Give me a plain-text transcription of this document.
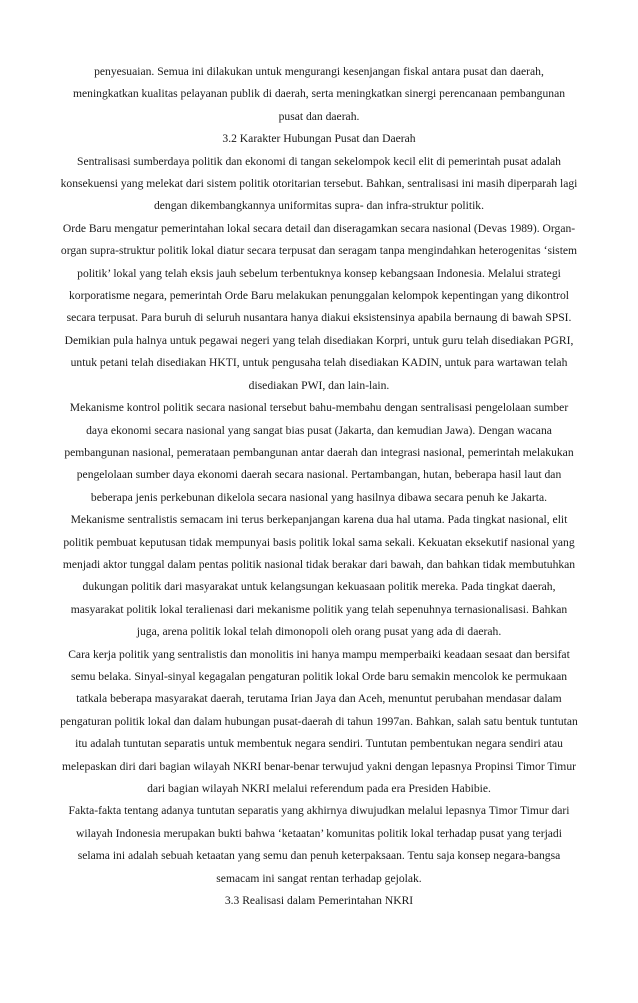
penyesuaian. Semua ini dilakukan untuk mengurangi kesenjangan fiskal antara pusat dan daerah, meningkatkan kualitas pelayanan publik di daerah, serta meningkatkan sinergi perencanaan pembangunan pusat dan daerah.

3.2 Karakter Hubungan Pusat dan Daerah

Sentralisasi sumberdaya politik dan ekonomi di tangan sekelompok kecil elit di pemerintah pusat adalah konsekuensi yang melekat dari sistem politik otoritarian tersebut. Bahkan, sentralisasi ini masih diperparah lagi dengan dikembangkannya uniformitas supra- dan infra-struktur politik.

Orde Baru mengatur pemerintahan lokal secara detail dan diseragamkan secara nasional (Devas 1989). Organ-organ supra-struktur politik lokal diatur secara terpusat dan seragam tanpa mengindahkan heterogenitas ‘sistem politik’ lokal yang telah eksis jauh sebelum terbentuknya konsep kebangsaan Indonesia. Melalui strategi korporatisme negara, pemerintah Orde Baru melakukan penunggalan kelompok kepentingan yang dikontrol secara terpusat. Para buruh di seluruh nusantara hanya diakui eksistensinya apabila bernaung di bawah SPSI. Demikian pula halnya untuk pegawai negeri yang telah disediakan Korpri, untuk guru telah disediakan PGRI, untuk petani telah disediakan HKTI, untuk pengusaha telah disediakan KADIN, untuk para wartawan telah disediakan PWI, dan lain-lain.

Mekanisme kontrol politik secara nasional tersebut bahu-membahu dengan sentralisasi pengelolaan sumber daya ekonomi secara nasional yang sangat bias pusat (Jakarta, dan kemudian Jawa). Dengan wacana pembangunan nasional, pemerataan pembangunan antar daerah dan integrasi nasional, pemerintah melakukan pengelolaan sumber daya ekonomi daerah secara nasional. Pertambangan, hutan, beberapa hasil laut dan beberapa jenis perkebunan dikelola secara nasional yang hasilnya dibawa secara penuh ke Jakarta.

Mekanisme sentralistis semacam ini terus berkepanjangan karena dua hal utama. Pada tingkat nasional, elit politik pembuat keputusan tidak mempunyai basis politik lokal sama sekali. Kekuatan eksekutif nasional yang menjadi aktor tunggal dalam pentas politik nasional tidak berakar dari bawah, dan bahkan tidak membutuhkan dukungan politik dari masyarakat untuk kelangsungan kekuasaan politik mereka. Pada tingkat daerah, masyarakat politik lokal teralienasi dari mekanisme politik yang telah sepenuhnya ternasionalisasi. Bahkan juga, arena politik lokal telah dimonopoli oleh orang pusat yang ada di daerah.

Cara kerja politik yang sentralistis dan monolitis ini hanya mampu memperbaiki keadaan sesaat dan bersifat semu belaka. Sinyal-sinyal kegagalan pengaturan politik lokal Orde baru semakin mencolok ke permukaan tatkala beberapa masyarakat daerah, terutama Irian Jaya dan Aceh, menuntut perubahan mendasar dalam pengaturan politik lokal dan dalam hubungan pusat-daerah di tahun 1997an. Bahkan, salah satu bentuk tuntutan itu adalah tuntutan separatis untuk membentuk negara sendiri. Tuntutan pembentukan negara sendiri atau melepaskan diri dari bagian wilayah NKRI benar-benar terwujud yakni dengan lepasnya Propinsi Timor Timur dari bagian wilayah NKRI melalui referendum pada era Presiden Habibie.

Fakta-fakta tentang adanya tuntutan separatis yang akhirnya diwujudkan melalui lepasnya Timor Timur dari wilayah Indonesia merupakan bukti bahwa ‘ketaatan’ komunitas politik lokal terhadap pusat yang terjadi selama ini adalah sebuah ketaatan yang semu dan penuh keterpaksaan. Tentu saja konsep negara-bangsa semacam ini sangat rentan terhadap gejolak.

3.3 Realisasi dalam Pemerintahan NKRI
